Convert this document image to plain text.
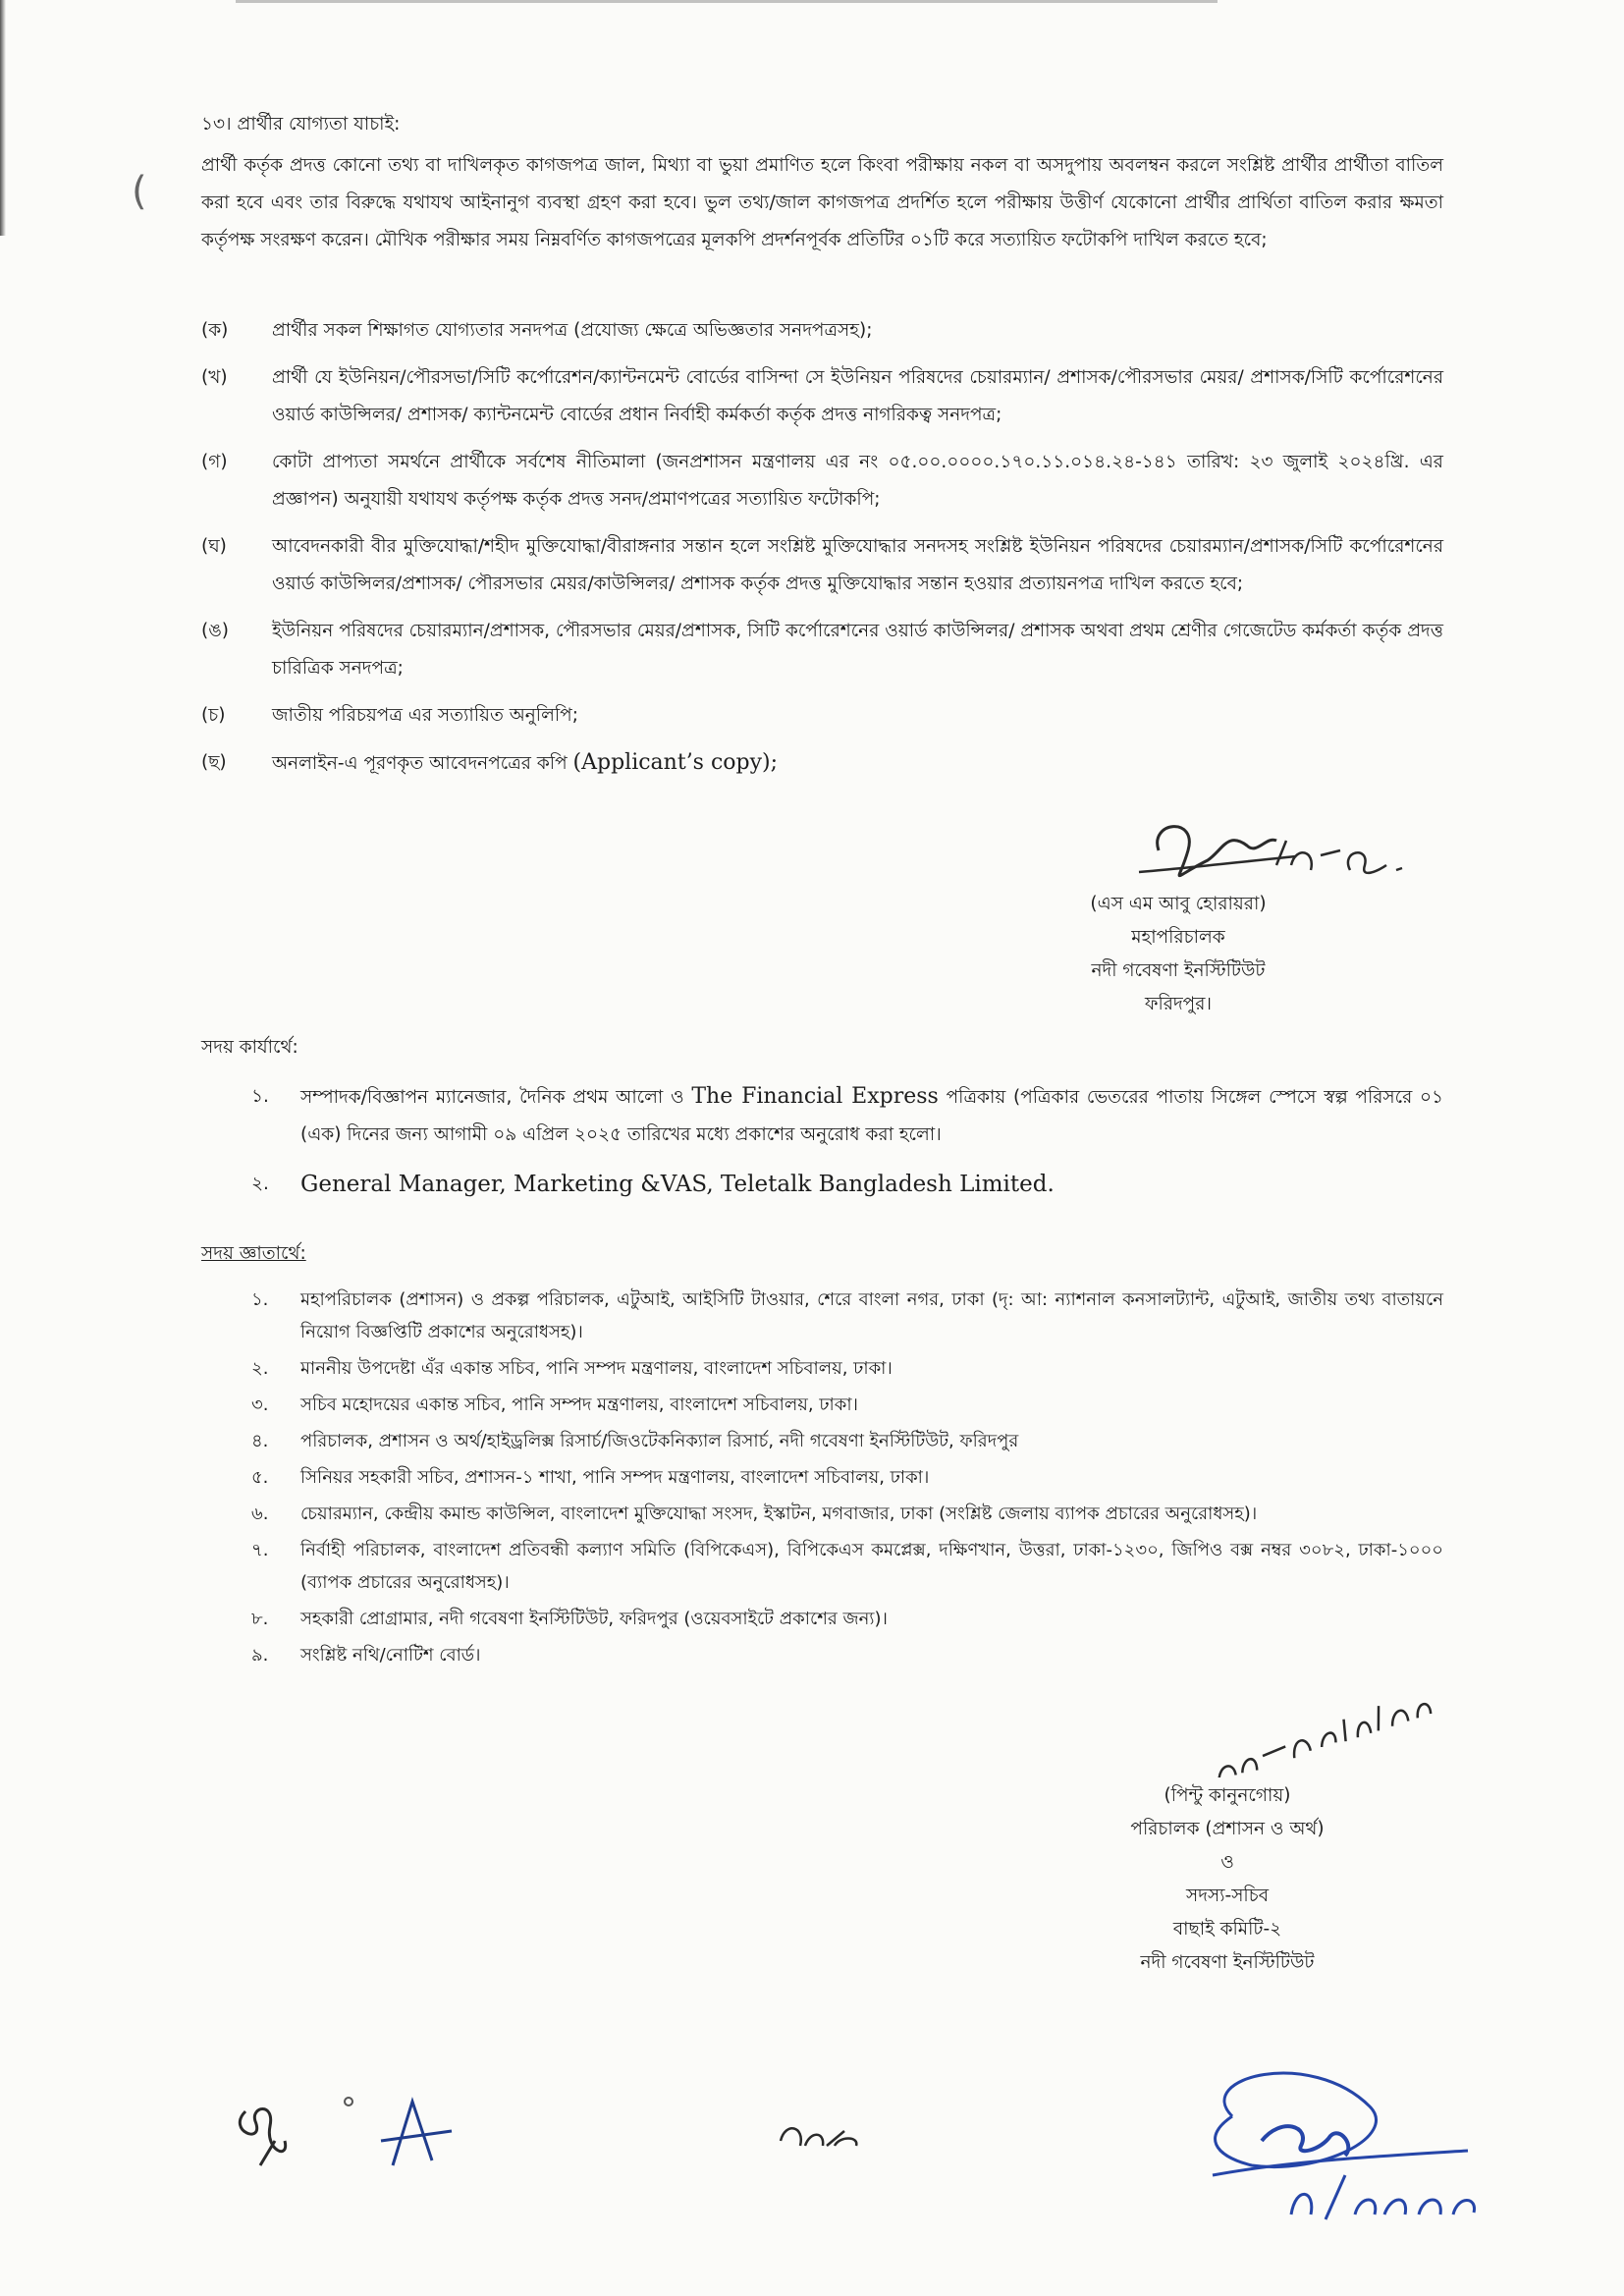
(
১৩। প্রার্থীর যোগ্যতা যাচাই:
প্রার্থী কর্তৃক প্রদত্ত কোনো তথ্য বা দাখিলকৃত কাগজপত্র জাল, মিথ্যা বা ভুয়া প্রমাণিত হলে কিংবা পরীক্ষায় নকল বা অসদুপায় অবলম্বন করলে সংশ্লিষ্ট প্রার্থীর প্রার্থীতা বাতিল করা হবে এবং তার বিরুদ্ধে যথাযথ আইনানুগ ব্যবস্থা গ্রহণ করা হবে। ভুল তথ্য/জাল কাগজপত্র প্রদর্শিত হলে পরীক্ষায় উত্তীর্ণ যেকোনো প্রার্থীর প্রার্থিতা বাতিল করার ক্ষমতা কর্তৃপক্ষ সংরক্ষণ করেন। মৌখিক পরীক্ষার সময় নিম্নবর্ণিত কাগজপত্রের মূলকপি প্রদর্শনপূর্বক প্রতিটির ০১টি করে সত্যায়িত ফটোকপি দাখিল করতে হবে;
(ক)	প্রার্থীর সকল শিক্ষাগত যোগ্যতার সনদপত্র (প্রযোজ্য ক্ষেত্রে অভিজ্ঞতার সনদপত্রসহ);
(খ)	প্রার্থী যে ইউনিয়ন/পৌরসভা/সিটি কর্পোরেশন/ক্যান্টনমেন্ট বোর্ডের বাসিন্দা সে ইউনিয়ন পরিষদের চেয়ারম্যান/ প্রশাসক/পৌরসভার মেয়র/ প্রশাসক/সিটি কর্পোরেশনের ওয়ার্ড কাউন্সিলর/ প্রশাসক/ ক্যান্টনমেন্ট বোর্ডের প্রধান নির্বাহী কর্মকর্তা কর্তৃক প্রদত্ত নাগরিকত্ব সনদপত্র;
(গ)	কোটা প্রাপ্যতা সমর্থনে প্রার্থীকে সর্বশেষ নীতিমালা (জনপ্রশাসন মন্ত্রণালয় এর নং ০৫.০০.০০০০.১৭০.১১.০১৪.২৪-১৪১ তারিখ: ২৩ জুলাই ২০২৪খ্রি. এর প্রজ্ঞাপন) অনুযায়ী যথাযথ কর্তৃপক্ষ কর্তৃক প্রদত্ত সনদ/প্রমাণপত্রের সত্যায়িত ফটোকপি;
(ঘ)	আবেদনকারী বীর মুক্তিযোদ্ধা/শহীদ মুক্তিযোদ্ধা/বীরাঙ্গনার সন্তান হলে সংশ্লিষ্ট মুক্তিযোদ্ধার সনদসহ সংশ্লিষ্ট ইউনিয়ন পরিষদের চেয়ারম্যান/প্রশাসক/সিটি কর্পোরেশনের ওয়ার্ড কাউন্সিলর/প্রশাসক/ পৌরসভার মেয়র/কাউন্সিলর/ প্রশাসক কর্তৃক প্রদত্ত মুক্তিযোদ্ধার সন্তান হওয়ার প্রত্যায়নপত্র দাখিল করতে হবে;
(ঙ)	ইউনিয়ন পরিষদের চেয়ারম্যান/প্রশাসক, পৌরসভার মেয়র/প্রশাসক, সিটি কর্পোরেশনের ওয়ার্ড কাউন্সিলর/ প্রশাসক অথবা প্রথম শ্রেণীর গেজেটেড কর্মকর্তা কর্তৃক প্রদত্ত চারিত্রিক সনদপত্র;
(চ)	জাতীয় পরিচয়পত্র এর সত্যায়িত অনুলিপি;
(ছ)	অনলাইন-এ পূরণকৃত আবেদনপত্রের কপি (Applicant’s copy);
(এস এম আবু হোরায়রা)
মহাপরিচালক
নদী গবেষণা ইনস্টিটিউট
ফরিদপুর।
সদয় কার্যার্থে:
১.	সম্পাদক/বিজ্ঞাপন ম্যানেজার, দৈনিক প্রথম আলো ও The Financial Express পত্রিকায় (পত্রিকার ভেতরের পাতায় সিঙ্গেল স্পেসে স্বল্প পরিসরে ০১ (এক) দিনের জন্য আগামী ০৯ এপ্রিল ২০২৫ তারিখের মধ্যে প্রকাশের অনুরোধ করা হলো।
২.	General Manager, Marketing &VAS, Teletalk Bangladesh Limited.
সদয় জ্ঞাতার্থে:
১.	মহাপরিচালক (প্রশাসন) ও প্রকল্প পরিচালক, এটুআই, আইসিটি টাওয়ার, শেরে বাংলা নগর, ঢাকা (দৃ: আ: ন্যাশনাল কনসালট্যান্ট, এটুআই, জাতীয় তথ্য বাতায়নে নিয়োগ বিজ্ঞপ্তিটি প্রকাশের অনুরোধসহ)।
২.	মাননীয় উপদেষ্টা এঁর একান্ত সচিব, পানি সম্পদ মন্ত্রণালয়, বাংলাদেশ সচিবালয়, ঢাকা।
৩.	সচিব মহোদয়ের একান্ত সচিব, পানি সম্পদ মন্ত্রণালয়, বাংলাদেশ সচিবালয়, ঢাকা।
৪.	পরিচালক, প্রশাসন ও অর্থ/হাইড্রলিক্স রিসার্চ/জিওটেকনিক্যাল রিসার্চ, নদী গবেষণা ইনস্টিটিউট, ফরিদপুর
৫.	সিনিয়র সহকারী সচিব, প্রশাসন-১ শাখা, পানি সম্পদ মন্ত্রণালয়, বাংলাদেশ সচিবালয়, ঢাকা।
৬.	চেয়ারম্যান, কেন্দ্রীয় কমান্ড কাউন্সিল, বাংলাদেশ মুক্তিযোদ্ধা সংসদ, ইস্কাটন, মগবাজার, ঢাকা (সংশ্লিষ্ট জেলায় ব্যাপক প্রচারের অনুরোধসহ)।
৭.	নির্বাহী পরিচালক, বাংলাদেশ প্রতিবন্ধী কল্যাণ সমিতি (বিপিকেএস), বিপিকেএস কমপ্লেক্স, দক্ষিণখান, উত্তরা, ঢাকা-১২৩০, জিপিও বক্স নম্বর ৩০৮২, ঢাকা-১০০০ (ব্যাপক প্রচারের অনুরোধসহ)।
৮.	সহকারী প্রোগ্রামার, নদী গবেষণা ইনস্টিটিউট, ফরিদপুর (ওয়েবসাইটে প্রকাশের জন্য)।
৯.	সংশ্লিষ্ট নথি/নোটিশ বোর্ড।
(পিন্টু কানুনগোয়)
পরিচালক (প্রশাসন ও অর্থ)
ও
সদস্য-সচিব
বাছাই কমিটি-২
নদী গবেষণা ইনস্টিটিউট
